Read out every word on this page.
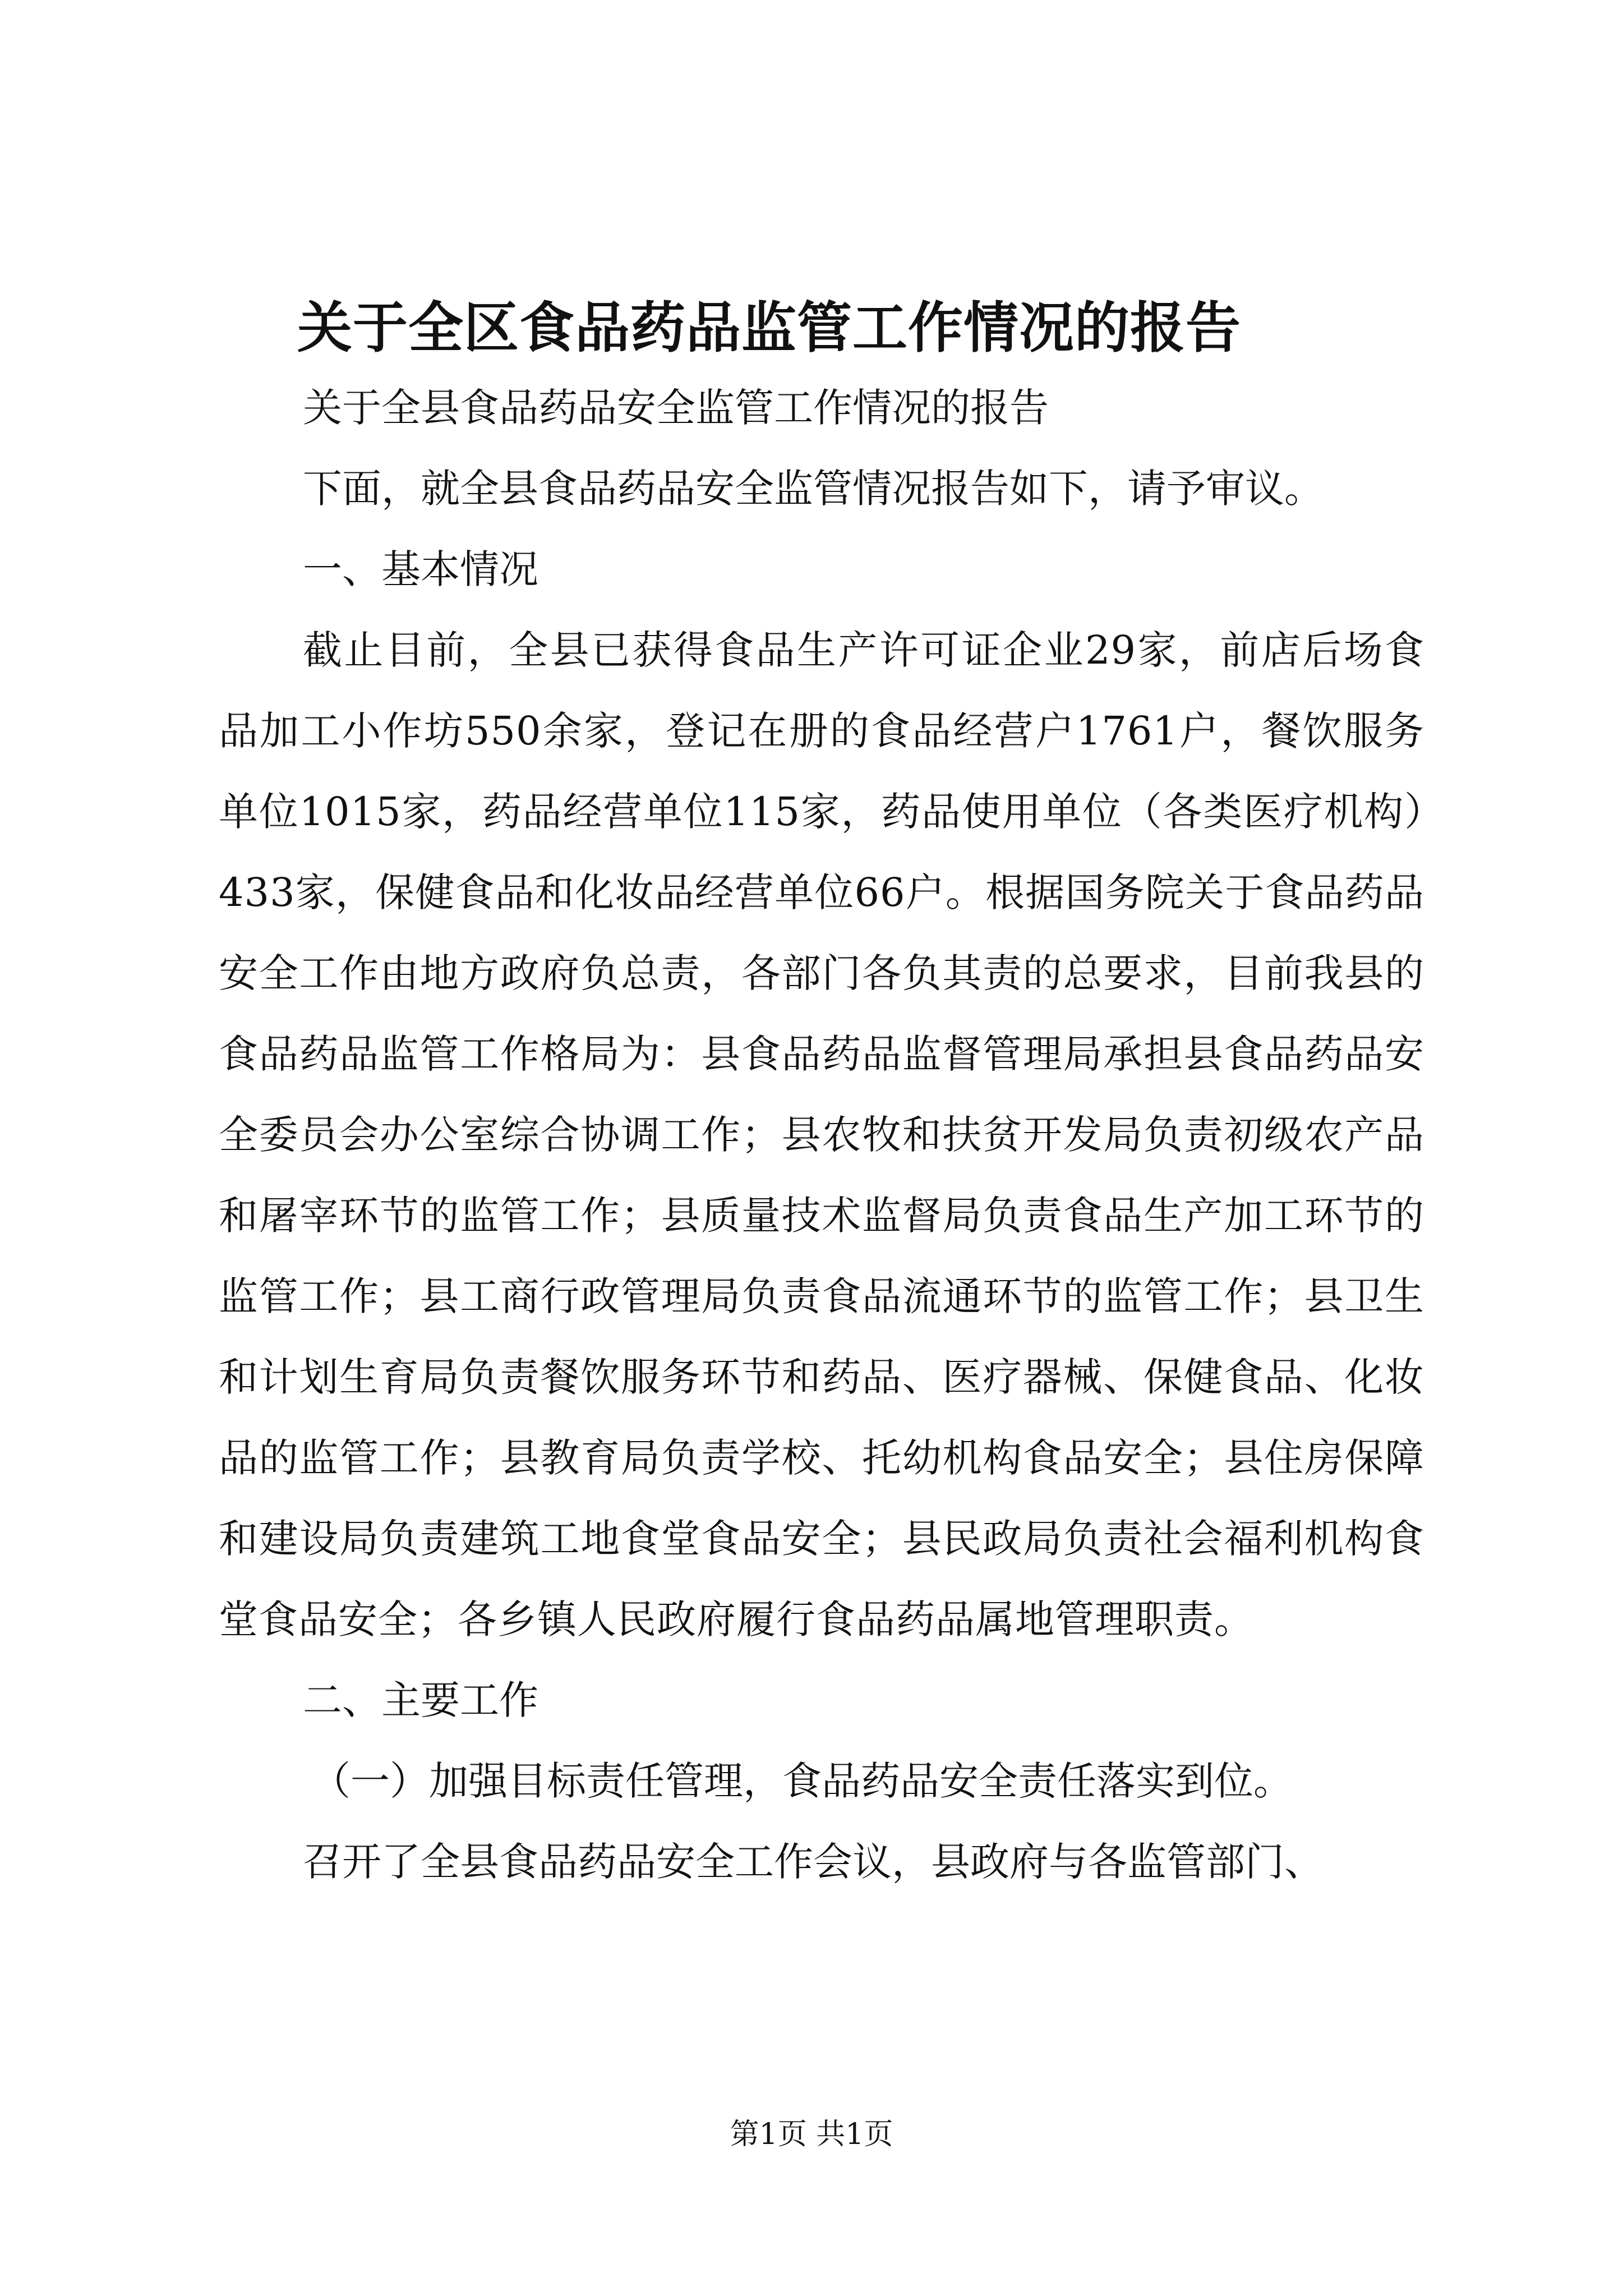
关于全区食品药品监管工作情况的报告

关于全县食品药品安全监管工作情况的报告

下面，就全县食品药品安全监管情况报告如下，请予审议。

一、基本情况

截止目前，全县已获得食品生产许可证企业29家，前店后场食品加工小作坊550余家，登记在册的食品经营户1761户，餐饮服务单位1015家，药品经营单位115家，药品使用单位（各类医疗机构）433家，保健食品和化妆品经营单位66户。根据国务院关于食品药品安全工作由地方政府负总责，各部门各负其责的总要求，目前我县的食品药品监管工作格局为：县食品药品监督管理局承担县食品药品安全委员会办公室综合协调工作；县农牧和扶贫开发局负责初级农产品和屠宰环节的监管工作；县质量技术监督局负责食品生产加工环节的监管工作；县工商行政管理局负责食品流通环节的监管工作；县卫生和计划生育局负责餐饮服务环节和药品、医疗器械、保健食品、化妆品的监管工作；县教育局负责学校、托幼机构食品安全；县住房保障和建设局负责建筑工地食堂食品安全；县民政局负责社会福利机构食堂食品安全；各乡镇人民政府履行食品药品属地管理职责。

二、主要工作

（一）加强目标责任管理，食品药品安全责任落实到位。

召开了全县食品药品安全工作会议，县政府与各监管部门、

第1页 共1页
